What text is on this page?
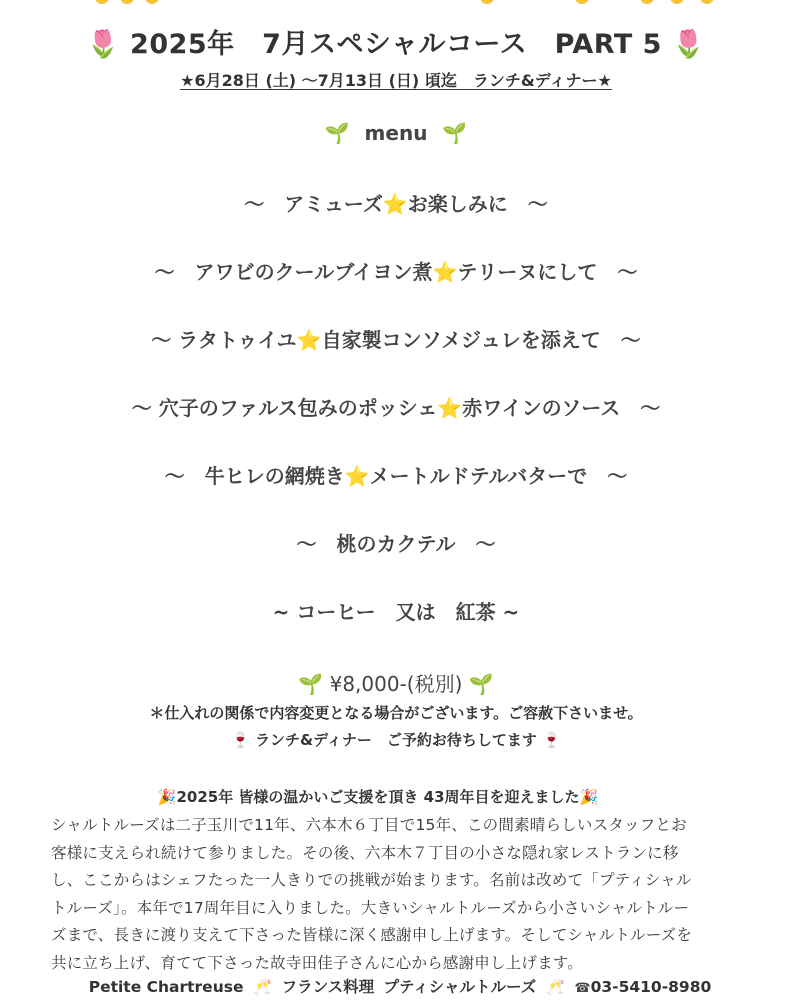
🌷 2025年　7月スペシャルコース　PART 5 🌷
★6月28日 (土) 〜7月13日 (日) 頃迄　ランチ&ディナー★
🌱 menu 🌱
〜　アミューズ⭐お楽しみに　〜
〜　アワビのクールブイヨン煮⭐テリーヌにして　〜
〜 ラタトゥイユ⭐自家製コンソメジュレを添えて　〜
〜 穴子のファルス包みのポッシェ⭐赤ワインのソース　〜
〜　牛ヒレの網焼き⭐メートルドテルバターで　〜
〜　桃のカクテル　〜
~ コーヒー　又は　紅茶 ~
🌱 ¥8,000-(税別) 🌱
＊仕入れの関係で内容変更となる場合がございます。ご容赦下さいませ。
🍷 ランチ&ディナー　ご予約お待ちしてます 🍷
🎉2025年 皆様の温かいご支援を頂き 43周年目を迎えました🎉
シャルトルーズは二子玉川で11年、六本木６丁目で15年、この間素晴らしいスタッフとお
客様に支えられ続けて参りました。その後、六本木７丁目の小さな隠れ家レストランに移
し、ここからはシェフたった一人きりでの挑戦が始まります。名前は改めて「プティシャル
トルーズ」。本年で17周年目に入りました。大きいシャルトルーズから小さいシャルトルー
ズまで、長きに渡り支えて下さった皆様に深く感謝申し上げます。そしてシャルトルーズを
共に立ち上げ、育てて下さった故寺田佳子さんに心から感謝申し上げます。
Petite Chartreuse 🥂 フランス料理 プティシャルトルーズ 🥂 ☎03-5410-8980
